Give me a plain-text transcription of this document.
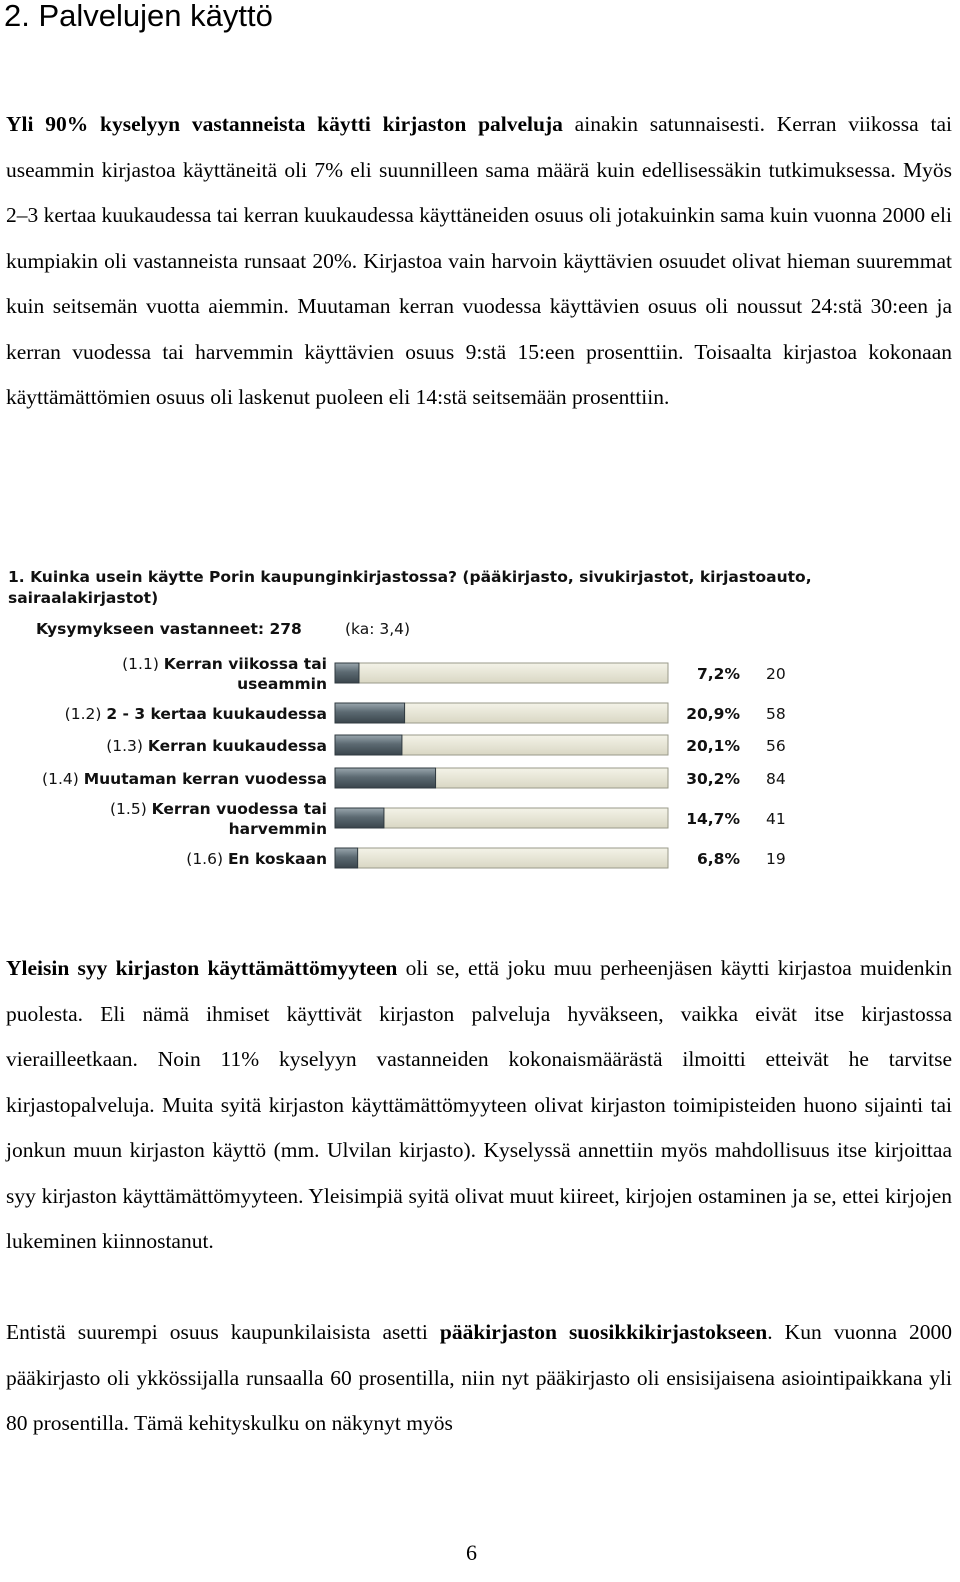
2. Palvelujen käyttö

Yli 90% kyselyyn vastanneista käytti kirjaston palveluja ainakin satunnaisesti. Kerran viikossa tai useammin kirjastoa käyttäneitä oli 7% eli suunnilleen sama määrä kuin edellisessäkin tutkimuksessa. Myös 2–3 kertaa kuukaudessa tai kerran kuukaudessa käyttäneiden osuus oli jotakuinkin sama kuin vuonna 2000 eli kumpiakin oli vastanneista runsaat 20%. Kirjastoa vain harvoin käyttävien osuudet olivat hieman suuremmat kuin seitsemän vuotta aiemmin. Muutaman kerran vuodessa käyttävien osuus oli noussut 24:stä 30:een ja kerran vuodessa tai harvemmin käyttävien osuus 9:stä 15:een prosenttiin. Toisaalta kirjastoa kokonaan käyttämättömien osuus oli laskenut puoleen eli 14:stä seitsemään prosenttiin.

1. Kuinka usein käytte Porin kaupunginkirjastossa? (pääkirjasto, sivukirjastot, kirjastoauto,
sairaalakirjastot)
Kysymykseen vastanneet: 278	(ka: 3,4)
(1.1) Kerran viikossa tai
useammin
7,2% 20
(1.2) 2 - 3 kertaa kuukaudessa	20,9% 58
(1.3) Kerran kuukaudessa	20,1% 56
(1.4) Muutaman kerran vuodessa	30,2% 84
(1.5) Kerran vuodessa tai
harvemmin
14,7% 41
(1.6) En koskaan	6,8% 19

Yleisin syy kirjaston käyttämättömyyteen oli se, että joku muu perheenjäsen käytti kirjastoa muidenkin puolesta. Eli nämä ihmiset käyttivät kirjaston palveluja hyväkseen, vaikka eivät itse kirjastossa vierailleetkaan. Noin 11% kyselyyn vastanneiden kokonaismäärästä ilmoitti etteivät he tarvitse kirjastopalveluja. Muita syitä kirjaston käyttämättömyyteen olivat kirjaston toimipisteiden huono sijainti tai jonkun muun kirjaston käyttö (mm. Ulvilan kirjasto). Kyselyssä annettiin myös mahdollisuus itse kirjoittaa syy kirjaston käyttämättömyyteen. Yleisimpiä syitä olivat muut kiireet, kirjojen ostaminen ja se, ettei kirjojen lukeminen kiinnostanut.

Entistä suurempi osuus kaupunkilaisista asetti pääkirjaston suosikkikirjastokseen. Kun vuonna 2000 pääkirjasto oli ykkössijalla runsaalla 60 prosentilla, niin nyt pääkirjasto oli ensisijaisena asiointipaikkana yli 80 prosentilla. Tämä kehityskulku on näkynyt myös

6
